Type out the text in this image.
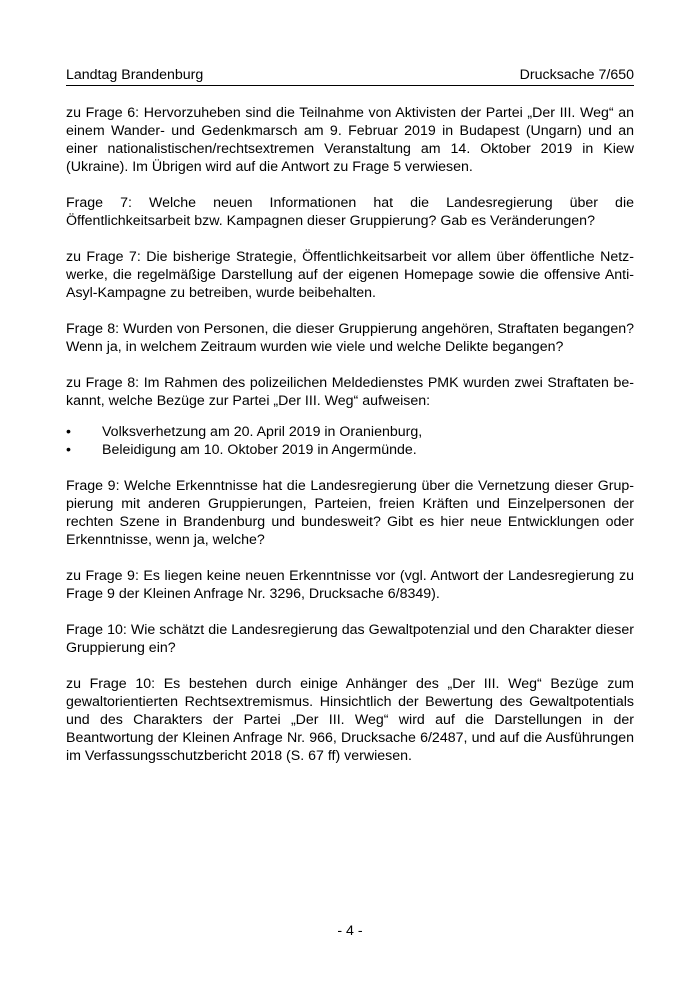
Landtag Brandenburg	Drucksache 7/650

zu Frage 6: Hervorzuheben sind die Teilnahme von Aktivisten der Partei „Der III. Weg“ an einem Wander- und Gedenkmarsch am 9. Februar 2019 in Budapest (Ungarn) und an einer nationalistischen/rechtsextremen Veranstaltung am 14. Oktober 2019 in Kiew (Ukraine). Im Übrigen wird auf die Antwort zu Frage 5 verwiesen.

Frage 7: Welche neuen Informationen hat die Landesregierung über die Öffentlichkeitsarbeit bzw. Kampagnen dieser Gruppierung? Gab es Veränderungen?

zu Frage 7: Die bisherige Strategie, Öffentlichkeitsarbeit vor allem über öffentliche Netzwerke, die regelmäßige Darstellung auf der eigenen Homepage sowie die offensive Anti-Asyl-Kampagne zu betreiben, wurde beibehalten.

Frage 8: Wurden von Personen, die dieser Gruppierung angehören, Straftaten begangen? Wenn ja, in welchem Zeitraum wurden wie viele und welche Delikte begangen?

zu Frage 8: Im Rahmen des polizeilichen Meldedienstes PMK wurden zwei Straftaten bekannt, welche Bezüge zur Partei „Der III. Weg“ aufweisen:

• Volksverhetzung am 20. April 2019 in Oranienburg,
• Beleidigung am 10. Oktober 2019 in Angermünde.

Frage 9: Welche Erkenntnisse hat die Landesregierung über die Vernetzung dieser Gruppierung mit anderen Gruppierungen, Parteien, freien Kräften und Einzelpersonen der rechten Szene in Brandenburg und bundesweit? Gibt es hier neue Entwicklungen oder Erkenntnisse, wenn ja, welche?

zu Frage 9: Es liegen keine neuen Erkenntnisse vor (vgl. Antwort der Landesregierung zu Frage 9 der Kleinen Anfrage Nr. 3296, Drucksache 6/8349).

Frage 10: Wie schätzt die Landesregierung das Gewaltpotenzial und den Charakter dieser Gruppierung ein?

zu Frage 10: Es bestehen durch einige Anhänger des „Der III. Weg“ Bezüge zum gewaltorientierten Rechtsextremismus. Hinsichtlich der Bewertung des Gewaltpotentials und des Charakters der Partei „Der III. Weg“ wird auf die Darstellungen in der Beantwortung der Kleinen Anfrage Nr. 966, Drucksache 6/2487, und auf die Ausführungen im Verfassungsschutzbericht 2018 (S. 67 ff) verwiesen.

- 4 -
